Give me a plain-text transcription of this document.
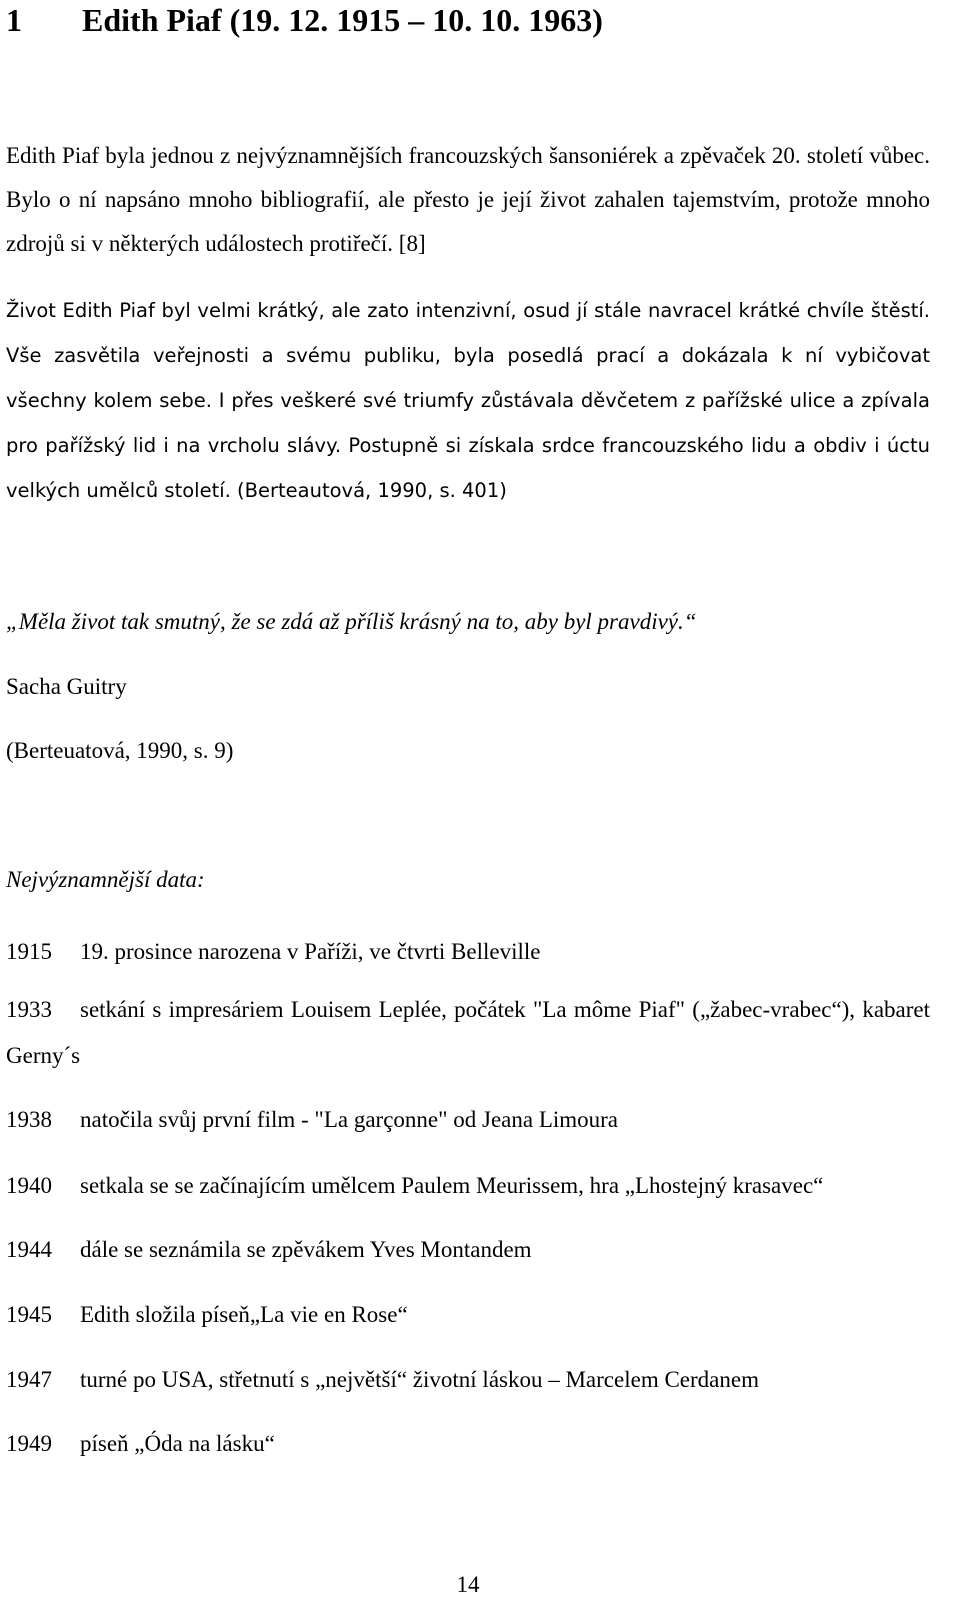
1 Edith Piaf (19. 12. 1915 – 10. 10. 1963)

Edith Piaf byla jednou z nejvýznamnějších francouzských šansoniérek a zpěvaček 20. století vůbec. Bylo o ní napsáno mnoho bibliografií, ale přesto je její život zahalen tajemstvím, protože mnoho zdrojů si v některých událostech protiřečí. [8]

Život Edith Piaf byl velmi krátký, ale zato intenzivní, osud jí stále navracel krátké chvíle štěstí. Vše zasvětila veřejnosti a svému publiku, byla posedlá prací a dokázala k ní vybičovat všechny kolem sebe. I přes veškeré své triumfy zůstávala děvčetem z pařížské ulice a zpívala pro pařížský lid i na vrcholu slávy. Postupně si získala srdce francouzského lidu a obdiv i úctu velkých umělců století. (Berteautová, 1990, s. 401)

„Měla život tak smutný, že se zdá až příliš krásný na to, aby byl pravdivý.“

Sacha Guitry

(Berteuatová, 1990, s. 9)

Nejvýznamnější data:

1915 19. prosince narozena v Paříži, ve čtvrti Belleville

1933 setkání s impresáriem Louisem Leplée, počátek "La môme Piaf" („žabec-vrabec“), kabaret Gerny´s

1938 natočila svůj první film - "La garçonne" od Jeana Limoura

1940 setkala se se začínajícím umělcem Paulem Meurissem, hra „Lhostejný krasavec“

1944 dále se seznámila se zpěvákem Yves Montandem

1945 Edith složila píseň„La vie en Rose“

1947 turné po USA, střetnutí s „největší“ životní láskou – Marcelem Cerdanem

1949 píseň „Óda na lásku“

14
